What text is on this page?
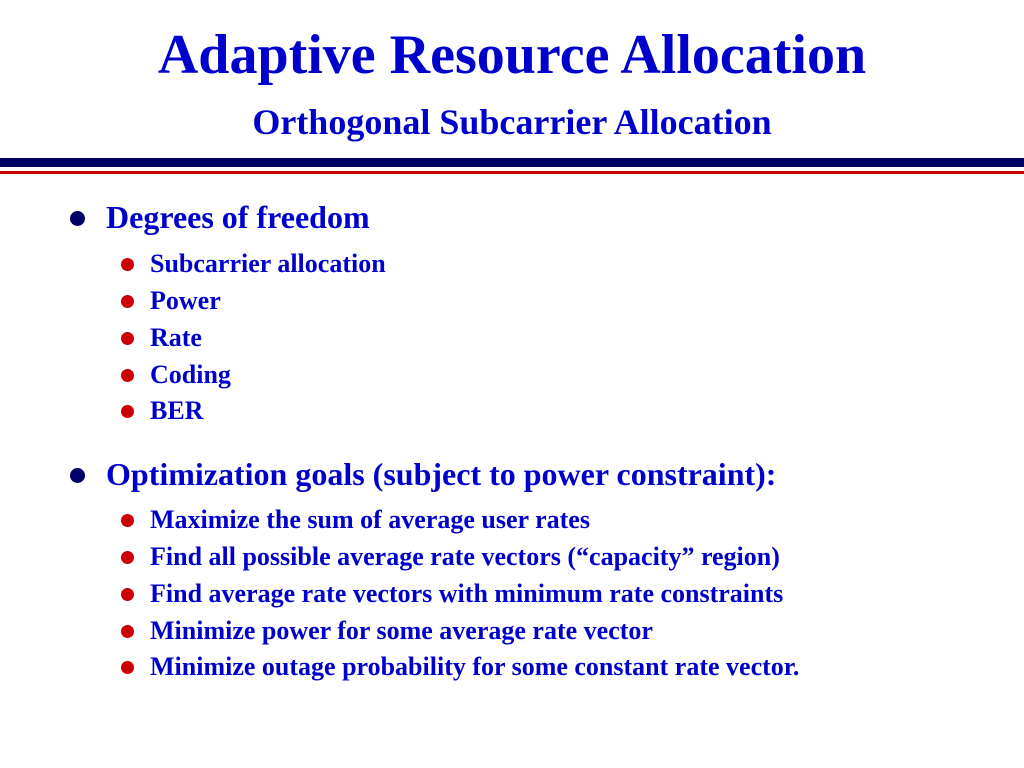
Adaptive Resource Allocation
Orthogonal Subcarrier Allocation
Degrees of freedom
Subcarrier allocation
Power
Rate
Coding
BER
Optimization goals (subject to power constraint):
Maximize the sum of average user rates
Find all possible average rate vectors (“capacity” region)
Find average rate vectors with minimum rate constraints
Minimize power for some average rate vector
Minimize outage probability for some constant rate vector.
